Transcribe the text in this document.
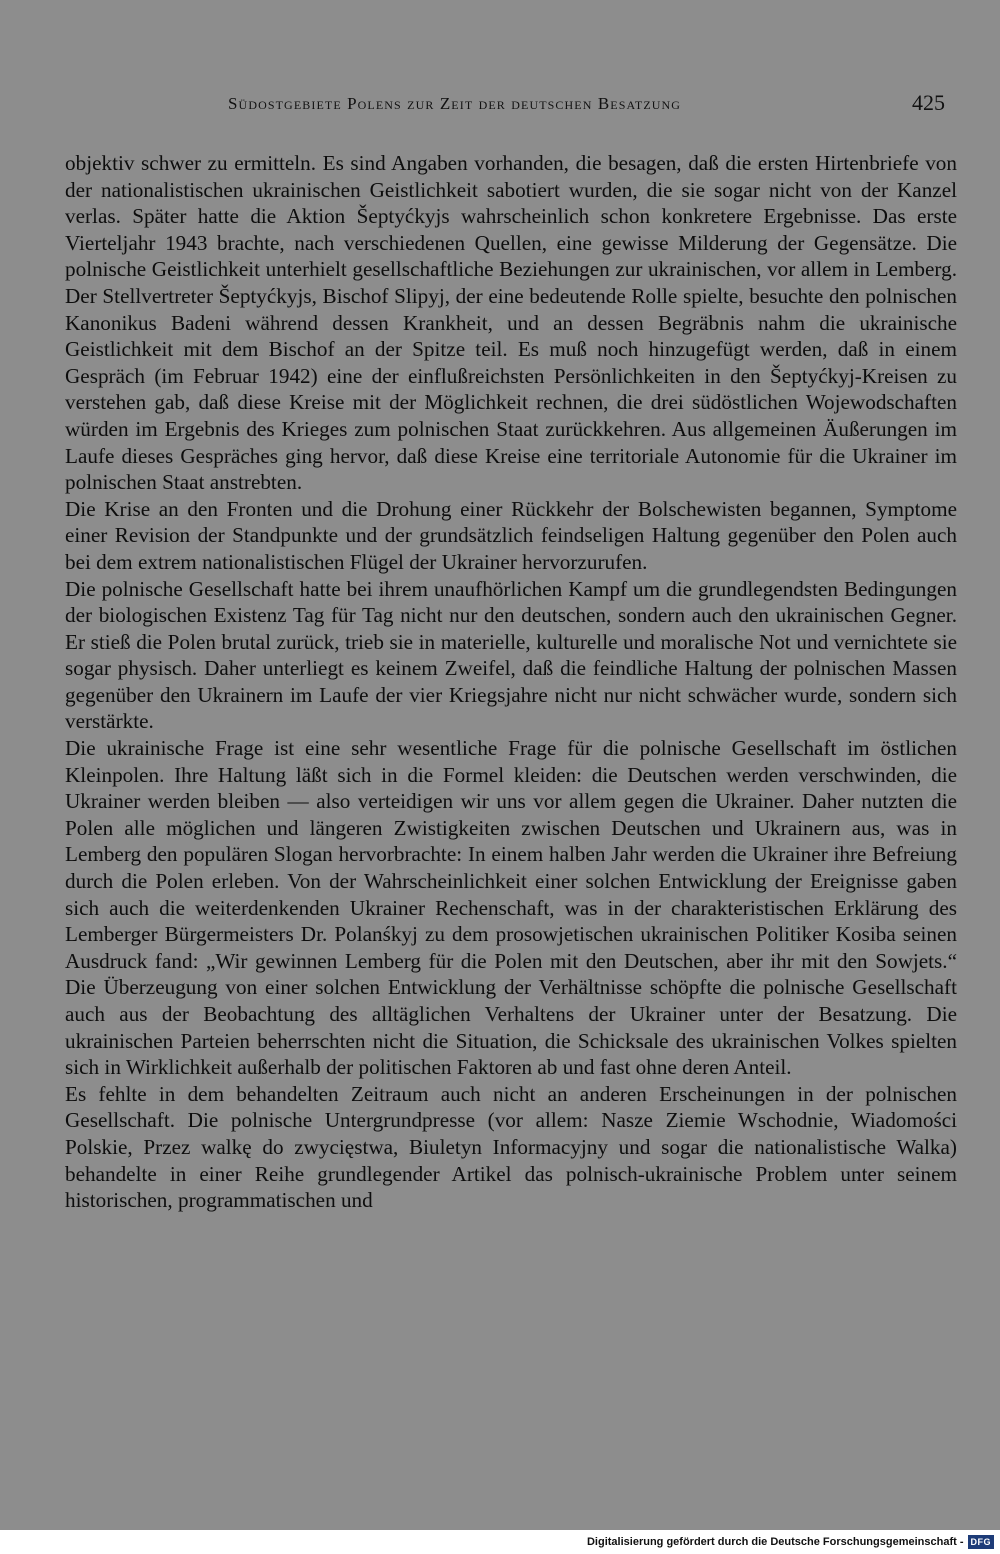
Südostgebiete Polens zur Zeit der deutschen Besatzung	425

objektiv schwer zu ermitteln. Es sind Angaben vorhanden, die besagen, daß die ersten Hirtenbriefe von der nationalistischen ukrainischen Geistlichkeit sabotiert wurden, die sie sogar nicht von der Kanzel verlas. Später hatte die Aktion Šeptyćkyjs wahrscheinlich schon konkretere Ergebnisse. Das erste Vierteljahr 1943 brachte, nach verschiedenen Quellen, eine gewisse Milderung der Gegensätze. Die polnische Geistlichkeit unterhielt gesellschaftliche Beziehungen zur ukrainischen, vor allem in Lemberg. Der Stellvertreter Šeptyćkyjs, Bischof Slipyj, der eine bedeutende Rolle spielte, besuchte den polnischen Kanonikus Badeni während dessen Krankheit, und an dessen Begräbnis nahm die ukrainische Geistlichkeit mit dem Bischof an der Spitze teil. Es muß noch hinzugefügt werden, daß in einem Gespräch (im Februar 1942) eine der einflußreichsten Persönlichkeiten in den Šeptyćkyj-Kreisen zu verstehen gab, daß diese Kreise mit der Möglichkeit rechnen, die drei südöstlichen Wojewodschaften würden im Ergebnis des Krieges zum polnischen Staat zurückkehren. Aus allgemeinen Äußerungen im Laufe dieses Gespräches ging hervor, daß diese Kreise eine territoriale Autonomie für die Ukrainer im polnischen Staat anstrebten.

Die Krise an den Fronten und die Drohung einer Rückkehr der Bolschewisten begannen, Symptome einer Revision der Standpunkte und der grundsätzlich feindseligen Haltung gegenüber den Polen auch bei dem extrem nationalistischen Flügel der Ukrainer hervorzurufen.

Die polnische Gesellschaft hatte bei ihrem unaufhörlichen Kampf um die grundlegendsten Bedingungen der biologischen Existenz Tag für Tag nicht nur den deutschen, sondern auch den ukrainischen Gegner. Er stieß die Polen brutal zurück, trieb sie in materielle, kulturelle und moralische Not und vernichtete sie sogar physisch. Daher unterliegt es keinem Zweifel, daß die feindliche Haltung der polnischen Massen gegenüber den Ukrainern im Laufe der vier Kriegsjahre nicht nur nicht schwächer wurde, sondern sich verstärkte.

Die ukrainische Frage ist eine sehr wesentliche Frage für die polnische Gesellschaft im östlichen Kleinpolen. Ihre Haltung läßt sich in die Formel kleiden: die Deutschen werden verschwinden, die Ukrainer werden bleiben — also verteidigen wir uns vor allem gegen die Ukrainer. Daher nutzten die Polen alle möglichen und längeren Zwistigkeiten zwischen Deutschen und Ukrainern aus, was in Lemberg den populären Slogan hervorbrachte: In einem halben Jahr werden die Ukrainer ihre Befreiung durch die Polen erleben. Von der Wahrscheinlichkeit einer solchen Entwicklung der Ereignisse gaben sich auch die weiterdenkenden Ukrainer Rechenschaft, was in der charakteristischen Erklärung des Lemberger Bürgermeisters Dr. Polanśkyj zu dem prosowjetischen ukrainischen Politiker Kosiba seinen Ausdruck fand: „Wir gewinnen Lemberg für die Polen mit den Deutschen, aber ihr mit den Sowjets.“ Die Überzeugung von einer solchen Entwicklung der Verhältnisse schöpfte die polnische Gesellschaft auch aus der Beobachtung des alltäglichen Verhaltens der Ukrainer unter der Besatzung. Die ukrainischen Parteien beherrschten nicht die Situation, die Schicksale des ukrainischen Volkes spielten sich in Wirklichkeit außerhalb der politischen Faktoren ab und fast ohne deren Anteil.

Es fehlte in dem behandelten Zeitraum auch nicht an anderen Erscheinungen in der polnischen Gesellschaft. Die polnische Untergrundpresse (vor allem: Nasze Ziemie Wschodnie, Wiadomości Polskie, Przez walkę do zwycięstwa, Biuletyn Informacyjny und sogar die nationalistische Walka) behandelte in einer Reihe grundlegender Artikel das polnisch-ukrainische Problem unter seinem historischen, programmatischen und

Digitalisierung gefördert durch die Deutsche Forschungsgemeinschaft - DFG
